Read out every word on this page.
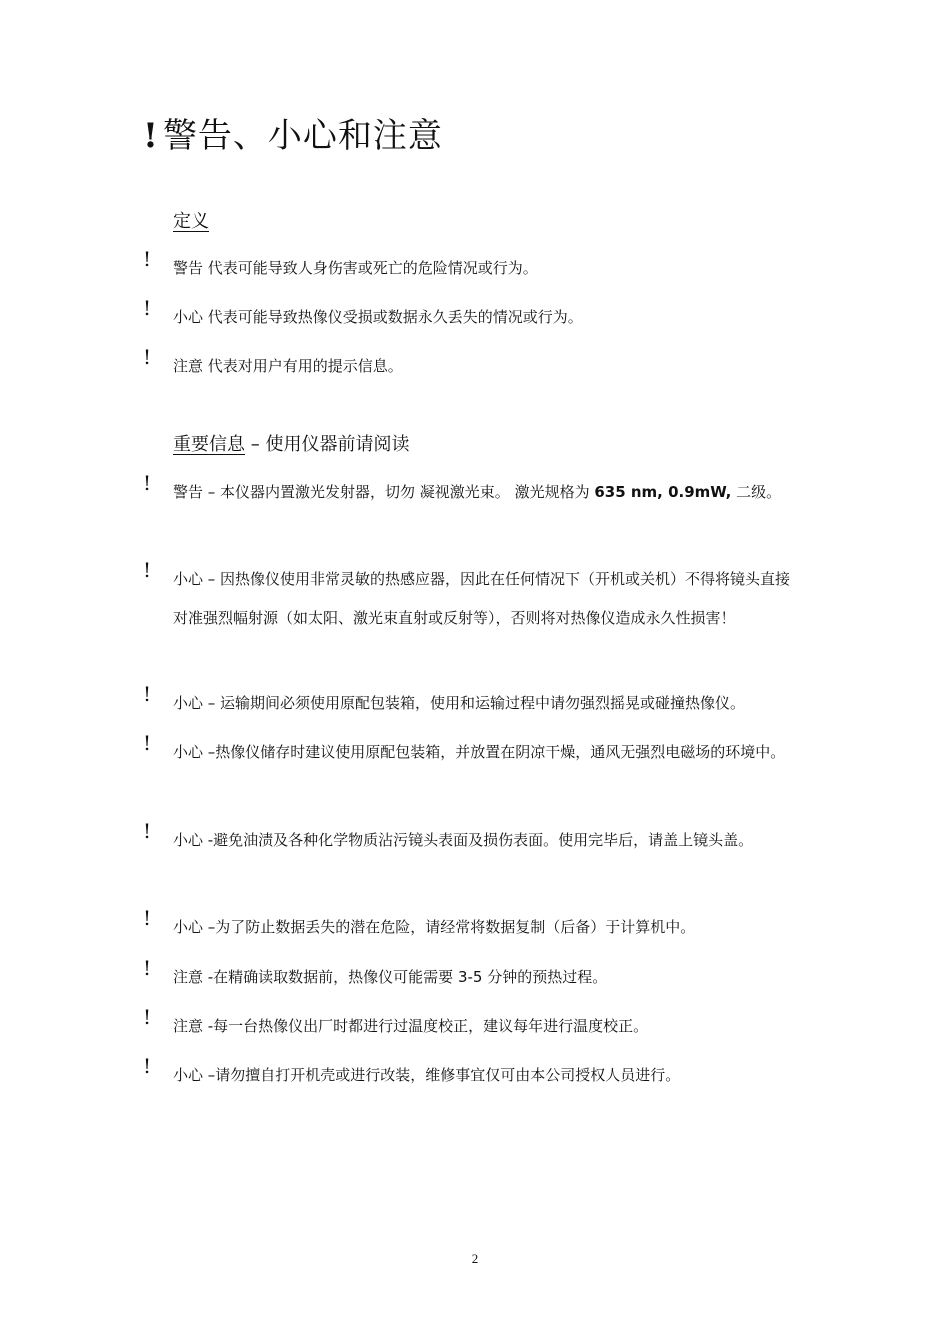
! 警告、小心和注意
定义
! 警告 代表可能导致人身伤害或死亡的危险情况或行为。
! 小心 代表可能导致热像仪受损或数据永久丢失的情况或行为。
! 注意 代表对用户有用的提示信息。
重要信息 – 使用仪器前请阅读
! 警告 – 本仪器内置激光发射器，切勿 凝视激光束。 激光规格为 635 nm, 0.9mW, 二级。
! 小心 – 因热像仪使用非常灵敏的热感应器，因此在任何情况下（开机或关机）不得将镜头直接对准强烈幅射源（如太阳、激光束直射或反射等），否则将对热像仪造成永久性损害！
! 小心 – 运输期间必须使用原配包装箱，使用和运输过程中请勿强烈摇晃或碰撞热像仪。
! 小心 –热像仪储存时建议使用原配包装箱，并放置在阴凉干燥，通风无强烈电磁场的环境中。
! 小心 -避免油渍及各种化学物质沾污镜头表面及损伤表面。使用完毕后，请盖上镜头盖。
! 小心 –为了防止数据丢失的潜在危险，请经常将数据复制（后备）于计算机中。
! 注意 -在精确读取数据前，热像仪可能需要 3-5 分钟的预热过程。
! 注意 -每一台热像仪出厂时都进行过温度校正，建议每年进行温度校正。
! 小心 –请勿擅自打开机壳或进行改装，维修事宜仅可由本公司授权人员进行。
2
